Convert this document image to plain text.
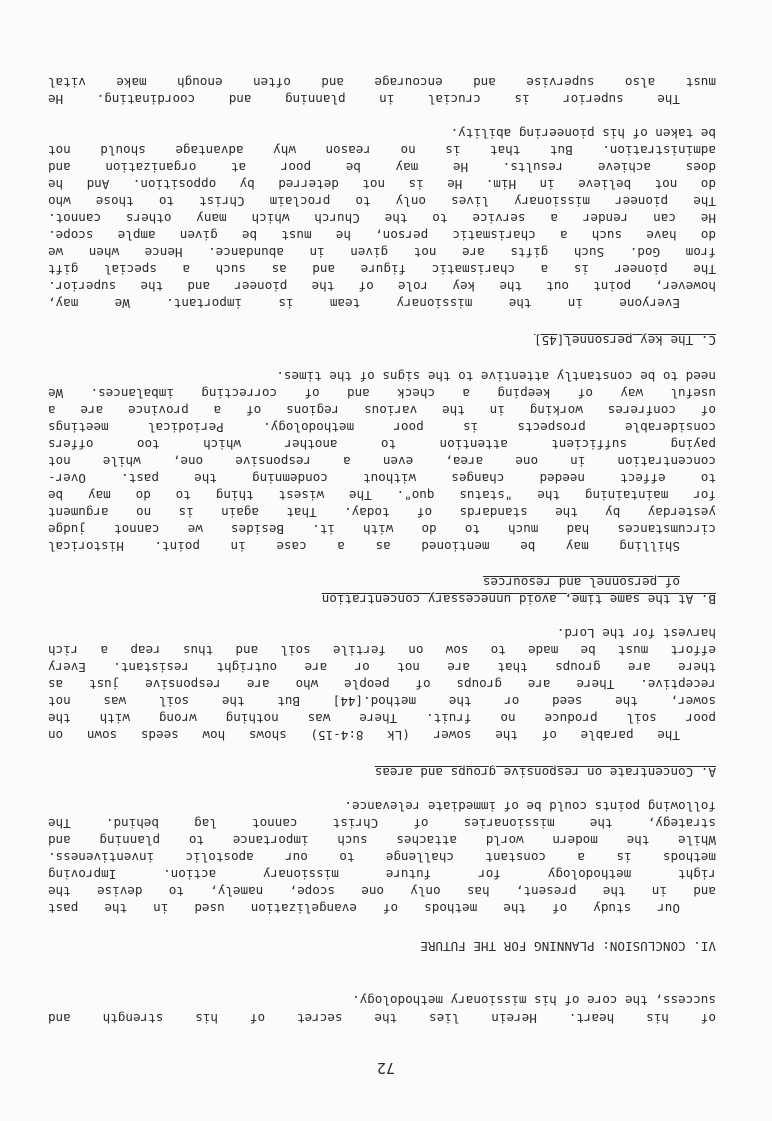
72
of his heart. Herein lies the secret of his strength and
success, the core of his missionary methodology.
VI. CONCLUSION: PLANNING FOR THE FUTURE
Our study of the methods of evangelization used in the past
and in the present, has only one scope, namely, to devise the
right methodology for future missionary action. Improving
methods is a constant challenge to our apostolic inventiveness.
While the modern world attaches such importance to planning and
strategy, the missionaries of Christ cannot lag behind. The
following points could be of immediate relevance.
A. Concentrate on responsive groups and areas
The parable of the sower (Lk 8:4-15) shows how seeds sown on
poor soil produce no fruit. There was nothing wrong with the
sower, the seed or the method.[44] But the soil was not
receptive. There are groups of people who are responsive just as
there are groups that are not or are outright resistant. Every
effort must be made to sow on fertile soil and thus reap a rich
harvest for the Lord.
B. At the same time, avoid unnecessary concentration
of personnel and resources
Shilling may be mentioned as a case in point. Historical
circumstances had much to do with it. Besides we cannot judge
yesterday by the standards of today. That again is no argument
for maintaining the "status quo". The wisest thing to do may be
to effect needed changes without condemning the past. Over-
concentration in one area, even a responsive one, while not
paying sufficient attention to another which too offers
considerable prospects is poor methodology. Periodical meetings
of confreres working in the various regions of a province are a
useful way of keeping a check and of correcting imbalances. We
need to be constantly attentive to the signs of the times.
C. The key personnel[45]
Everyone in the missionary team is important. We may,
however, point out the key role of the pioneer and the superior.
The pioneer is a charismatic figure and as such a special gift
from God. Such gifts are not given in abundance. Hence when we
do have such a charismatic person, he must be given ample scope.
He can render a service to the Church which many others cannot.
The pioneer missionary lives only to proclaim Christ to those who
do not believe in Him. He is not deterred by opposition. And he
does achieve results. He may be poor at organization and
administration. But that is no reason why advantage should not
be taken of his pioneering ability.
The superior is crucial in planning and coordinating. He
must also supervise and encourage and often enough make vital
